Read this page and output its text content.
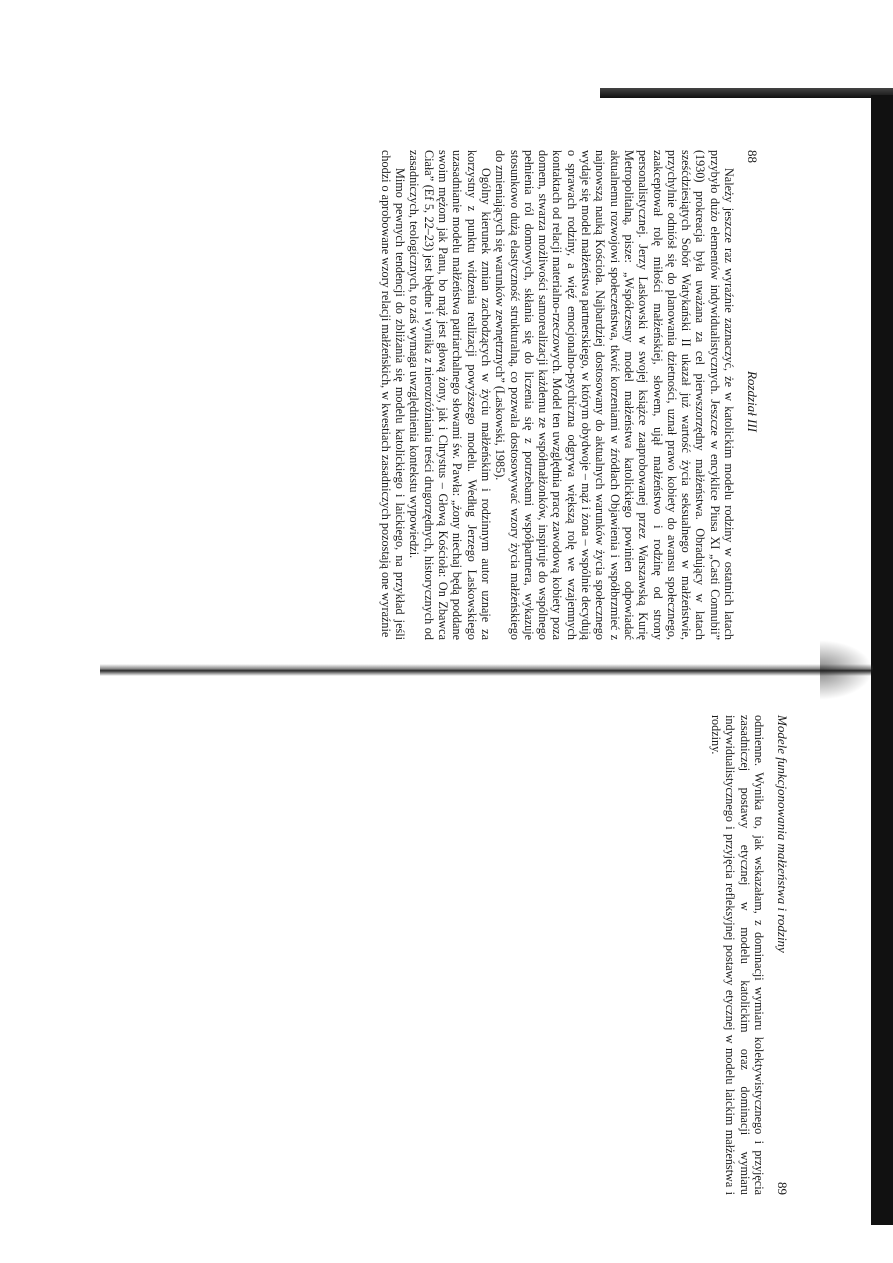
88
Rozdział III

Należy jeszcze raz wyraźnie zaznaczyć, że w katolickim modelu rodziny w ostatnich latach przybyło dużo elementów indywidualistycznych. Jeszcze w encyklice Piusa XI „Casti Connubii” (1930) prokreacja była uważana za cel pierwszorzędny małżeństwa. Obradujący w latach sześćdziesiątych Sobór Watykański II ukazał już wartość życia seksualnego w małżeństwie, przychylnie odniósł się do planowania dzietności, uznał prawo kobiety do awansu społecznego, zaakceptował rolę miłości małżeńskiej, słowem, ujął małżeństwo i rodzinę od strony personalistycznej. Jerzy Laskowski w swojej książce zaaprobowanej przez Warszawską Kurię Metropolitalną, pisze: „Współczesny model małżeństwa katolickiego powinien odpowiadać aktualnemu rozwojowi społeczeństwa, tkwić korzeniami w źródłach Objawienia i współbrzmieć z najnowszą nauką Kościoła. Najbardziej dostosowany do aktualnych warunków życia społecznego wydaje się model małżeństwa partnerskiego, w którym obydwoje – mąż i żona – wspólnie decydują o sprawach rodziny, a więź emocjonalno-psychiczna odgrywa większą rolę we wzajemnych kontaktach od relacji materialno-rzeczowych. Model ten uwzględnia pracę zawodową kobiety poza domem, stwarza możliwości samorealizacji każdemu ze współmałżonków, inspiruje do wspólnego pełnienia ról domowych, skłania się do liczenia się z potrzebami współpartnera, wykazuje stosunkowo dużą elastyczność strukturalną, co pozwala dostosowywać wzory życia małżeńskiego do zmieniających się warunków zewnętrznych” (Laskowski, 1985).

Ogólny kierunek zmian zachodzących w życiu małżeńskim i rodzinnym autor uznaje za korzystny z punktu widzenia realizacji powyższego modelu. Według Jerzego Laskowskiego uzasadnianie modelu małżeństwa patriarchalnego słowami św. Pawła: „żony niechaj będą poddane swoim mężom jak Panu, bo mąż jest głową żony, jak i Chrystus – Głową Kościoła: On Zbawca Ciała” (Ef 5, 22–23) jest błędne i wynika z nierozróżniania treści drugorzędnych, historycznych od zasadniczych, teologicznych, to zaś wymaga uwzględnienia kontekstu wypowiedzi.

Mimo pewnych tendencji do zbliżania się modelu katolickiego i laickiego, na przykład jeśli chodzi o aprobowane wzory relacji małżeńskich, w kwestiach zasadniczych pozostają one wyraźnie

Modele funkcjonowania małżeństwa i rodziny
89

odmienne. Wynika to, jak wskazałam, z dominacji wymiaru kolektywistycznego i przyjęcia zasadniczej postawy etycznej w modelu katolickim oraz dominacji wymiaru indywidualistycznego i przyjęcia refleksyjnej postawy etycznej w modelu laickim małżeństwa i rodziny.
